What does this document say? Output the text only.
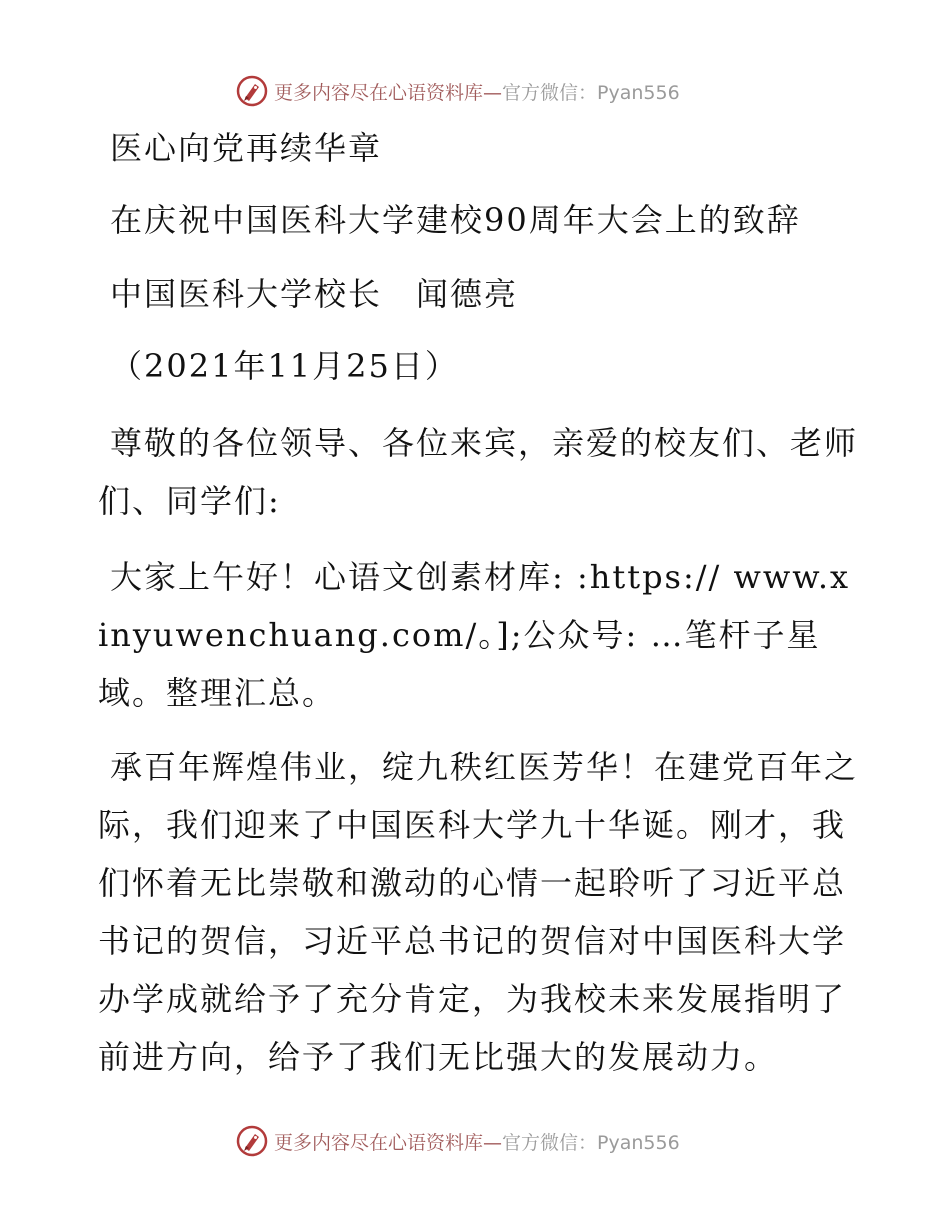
更多内容尽在心语资料库—官方微信：Pyan556
医心向党再续华章
在庆祝中国医科大学建校90周年大会上的致辞
中国医科大学校长　闻德亮
（2021年11月25日）
尊敬的各位领导、各位来宾，亲爱的校友们、老师们、同学们:
大家上午好！心语文创素材库: :https:// www.xinyuwenchuang.com/。];公众号: …笔杆子星域。整理汇总。
承百年辉煌伟业，绽九秩红医芳华！在建党百年之际，我们迎来了中国医科大学九十华诞。刚才，我们怀着无比崇敬和激动的心情一起聆听了习近平总书记的贺信，习近平总书记的贺信对中国医科大学办学成就给予了充分肯定，为我校未来发展指明了前进方向，给予了我们无比强大的发展动力。
更多内容尽在心语资料库—官方微信：Pyan556
